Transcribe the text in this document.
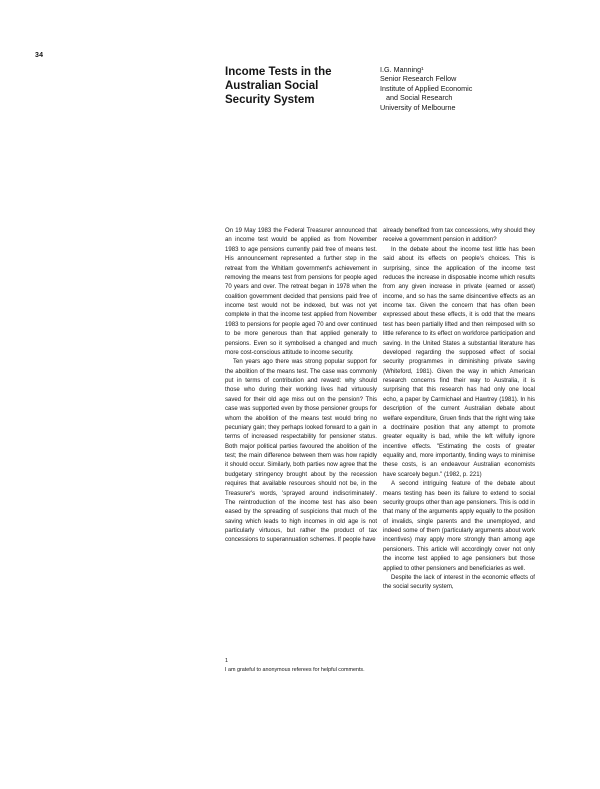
34
Income Tests in the
Australian Social
Security System
I.G. Manning¹
Senior Research Fellow
Institute of Applied Economic
and Social Research
University of Melbourne

On 19 May 1983 the Federal Treasurer announced that an income test would be applied as from November 1983 to age pensions currently paid free of means test. His announcement represented a further step in the retreat from the Whitlam government's achievement in removing the means test from pensions for people aged 70 years and over. The retreat began in 1978 when the coalition government decided that pensions paid free of income test would not be indexed, but was not yet complete in that the income test applied from November 1983 to pensions for people aged 70 and over continued to be more generous than that applied generally to pensions. Even so it symbolised a changed and much more cost-conscious attitude to income security.

Ten years ago there was strong popular support for the abolition of the means test. The case was commonly put in terms of contribution and reward: why should those who during their working lives had virtuously saved for their old age miss out on the pension? This case was supported even by those pensioner groups for whom the abolition of the means test would bring no pecuniary gain; they perhaps looked forward to a gain in terms of increased respectability for pensioner status. Both major political parties favoured the abolition of the test; the main difference between them was how rapidly it should occur. Similarly, both parties now agree that the budgetary stringency brought about by the recession requires that available resources should not be, in the Treasurer's words, 'sprayed around indiscriminately'. The reintroduction of the income test has also been eased by the spreading of suspicions that much of the saving which leads to high incomes in old age is not particularly virtuous, but rather the product of tax concessions to superannuation schemes. If people have

already benefited from tax concessions, why should they receive a government pension in addition?

In the debate about the income test little has been said about its effects on people's choices. This is surprising, since the application of the income test reduces the increase in disposable income which results from any given increase in private (earned or asset) income, and so has the same disincentive effects as an income tax. Given the concern that has often been expressed about these effects, it is odd that the means test has been partially lifted and then reimposed with so little reference to its effect on workforce participation and saving. In the United States a substantial literature has developed regarding the supposed effect of social security programmes in diminishing private saving (Whiteford, 1981). Given the way in which American research concerns find their way to Australia, it is surprising that this research has had only one local echo, a paper by Carmichael and Hawtrey (1981). In his description of the current Australian debate about welfare expenditure, Gruen finds that the right wing take a doctrinaire position that any attempt to promote greater equality is bad, while the left wilfully ignore incentive effects. "Estimating the costs of greater equality and, more importantly, finding ways to minimise these costs, is an endeavour Australian economists have scarcely begun." (1982, p. 221)

A second intriguing feature of the debate about means testing has been its failure to extend to social security groups other than age pensioners. This is odd in that many of the arguments apply equally to the position of invalids, single parents and the unemployed, and indeed some of them (particularly arguments about work incentives) may apply more strongly than among age pensioners. This article will accordingly cover not only the income test applied to age pensioners but those applied to other pensioners and beneficiaries as well.

Despite the lack of interest in the economic effects of the social security system,

1
I am grateful to anonymous referees for helpful comments.
